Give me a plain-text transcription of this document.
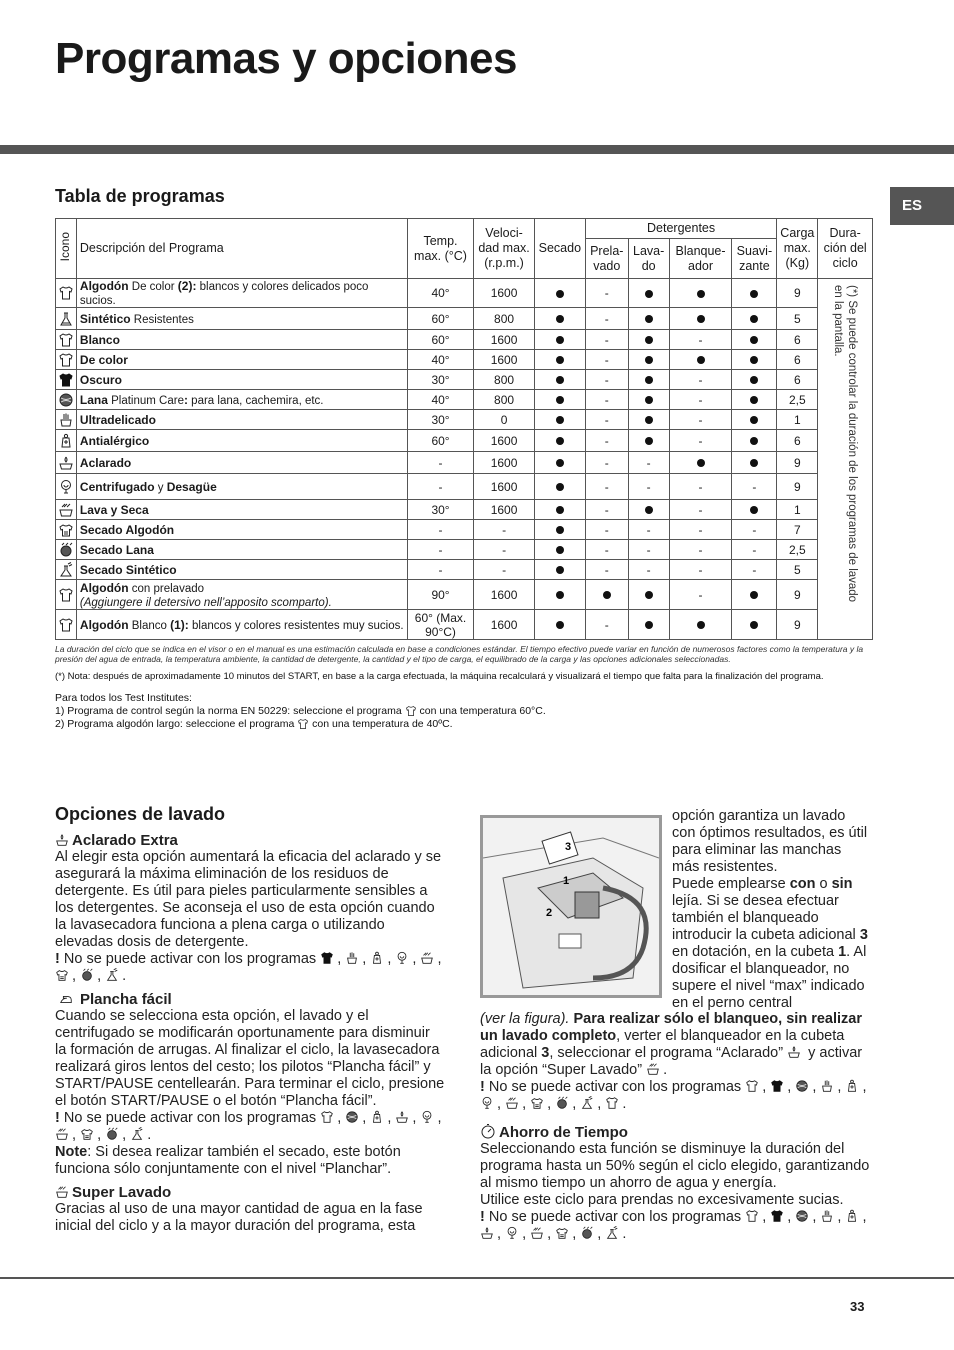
Programas y opciones
ES
Tabla de programas
Icono	Descripción del Programa	Temp. max. (°C)	Veloci- dad max. (r.p.m.)	Secado	Detergentes				Carga max. (Kg)	Dura- ción del ciclo
					Prela- vado	Lava- do	Blanque- ador	Suavi- zante		
	Algodón De color (2): blancos y colores delicados poco sucios.	40°	1600		-				9	(*) Se puede controlar la duración de los programas de lavado en la pantalla.

	Sintético Resistentes	60°	800		-				5	
	Blanco	60°	1600		-		-		6	
	De color	40°	1600		-				6	
	Oscuro	30°	800		-		-		6	
	Lana Platinum Care: para lana, cachemira, etc.	40°	800		-		-		2,5	
	Ultradelicado	30°	0		-		-		1	
	Antialérgico	60°	1600		-		-		6	
	Aclarado	-	1600		-	-			9	
	Centrifugado y Desagüe	-	1600		-	-	-	-	9	
	Lava y Seca	30°	1600		-		-		1	
	Secado Algodón	-	-		-	-	-	-	7	
	Secado Lana	-	-		-	-	-	-	2,5	
	Secado Sintético	-	-		-	-	-	-	5	
	Algodón con prelavado
(Aggiungere il detersivo nell’apposito scomparto).	90°	1600				-		9	
	Algodón Blanco (1): blancos y colores resistentes muy sucios.	60° (Max. 90°C)	1600		-				9	

La duración del ciclo que se indica en el visor o en el manual es una estimación calculada en base a condiciones estándar. El tiempo efectivo puede variar en función de numerosos factores como la temperatura y la presión del agua de entrada, la temperatura ambiente, la cantidad de detergente, la cantidad y el tipo de carga, el equilibrado de la carga y las opciones adicionales seleccionadas.

(*) Nota: después de aproximadamente 10 minutos del START, en base a la carga efectuada, la máquina recalculará y visualizará el tiempo que falta para la finalización del programa.

Para todos los Test Institutes:
1) Programa de control según la norma EN 50229: seleccione el programa con una temperatura 60°C.
2) Programa algodón largo: seleccione el programa con una temperatura de 40ºC.
Opciones de lavado

Aclarado Extra

Al elegir esta opción aumentará la eficacia del aclarado y se asegurará la máxima eliminación de los residuos de detergente. Es útil para pieles particularmente sensibles a los detergentes. Se aconseja el uso de esta opción cuando la lavasecadora funciona a plena carga o utilizando elevadas dosis de detergente.

! No se puede activar con los programas , , , , , , , .

Plancha fácil

Cuando se selecciona esta opción, el lavado y el centrifugado se modificarán oportunamente para disminuir la formación de arrugas. Al finalizar el ciclo, la lavasecadora realizará giros lentos del cesto; los pilotos “Plancha fácil” y START/PAUSE centellearán. Para terminar el ciclo, presione el botón START/PAUSE o el botón “Plancha fácil”.

! No se puede activar con los programas , , , , , , , , .

Note: Si desea realizar también el secado, este botón funciona sólo conjuntamente con el nivel “Planchar”.

Super Lavado

Gracias al uso de una mayor cantidad de agua en la fase inicial del ciclo y a la mayor duración del programa, esta

3
1
2

opción garantiza un lavado con óptimos resultados, es útil para eliminar las manchas más resistentes.

Puede emplearse con o sin lejía. Si se desea efectuar también el blanqueado introducir la cubeta adicional 3 en dotación, en la cubeta 1. Al dosificar el blanqueador, no supere el nivel “max” indicado en el perno central

(ver la figura). Para realizar sólo el blanqueo, sin realizar un lavado completo, verter el blanqueador en la cubeta adicional 3, seleccionar el programa “Aclarado”  y activar la opción “Super Lavado” .

! No se puede activar con los programas , , , , , , , , , , .

Ahorro de Tiempo

Seleccionando esta función se disminuye la duración del programa hasta un 50% según el ciclo elegido, garantizando al mismo tiempo un ahorro de agua y energía.

Utilice este ciclo para prendas no excesivamente sucias.

! No se puede activar con los programas , , , , , , , , , , .

33
